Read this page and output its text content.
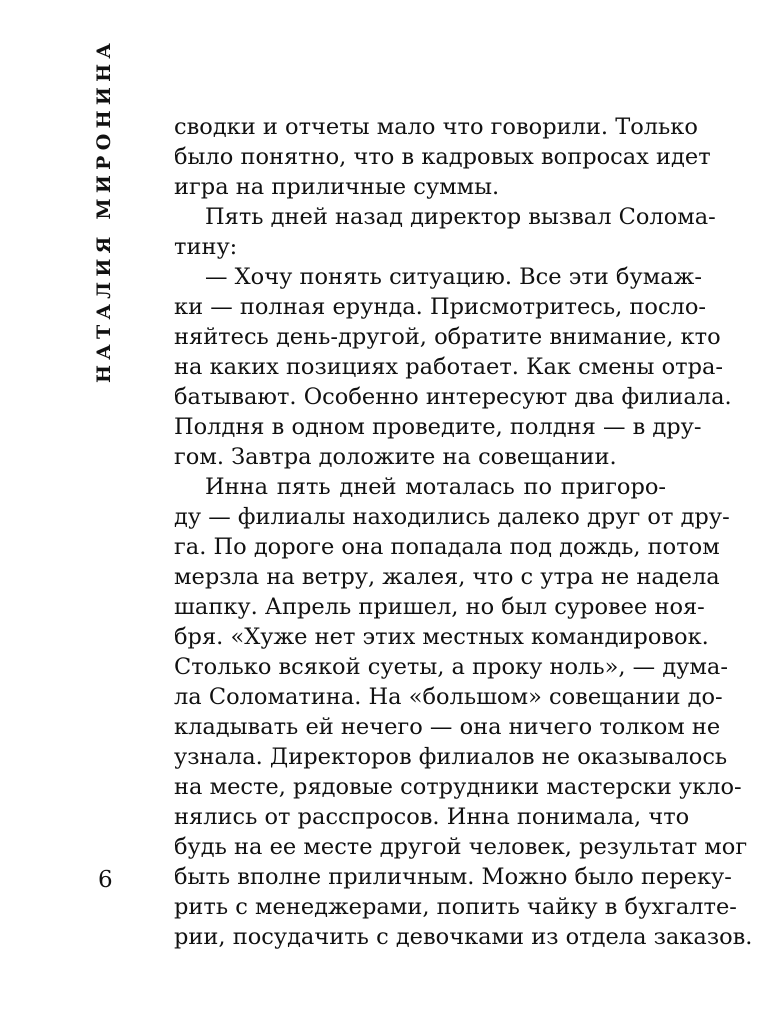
НАТАЛИЯ МИРОНИНА	сводки и отчеты мало что говорили. Только
было понятно, что в кадровых вопросах идет
игра на приличные суммы.
Пять дней назад директор вызвал Солома-
тину:
— Хочу понять ситуацию. Все эти бумаж-
ки — полная ерунда. Присмотритесь, посло-
няйтесь день-другой, обратите внимание, кто
на каких позициях работает. Как смены отра-
батывают. Особенно интересуют два филиала.
Полдня в одном проведите, полдня — в дру-
гом. Завтра доложите на совещании.
Инна пять дней моталась по пригоро-
ду — филиалы находились далеко друг от дру-
га. По дороге она попадала под дождь, потом
мерзла на ветру, жалея, что с утра не надела
шапку. Апрель пришел, но был суровее ноя-
бря. «Хуже нет этих местных командировок.
Столько всякой суеты, а проку ноль», — дума-
ла Соломатина. На «большом» совещании до-
кладывать ей нечего — она ничего толком не
узнала. Директоров филиалов не оказывалось
на месте, рядовые сотрудники мастерски укло-
нялись от расспросов. Инна понимала, что
будь на ее месте другой человек, результат мог
быть вполне приличным. Можно было переку-
рить с менеджерами, попить чайку в бухгалте-
рии, посудачить с девочками из отдела заказов.
6
